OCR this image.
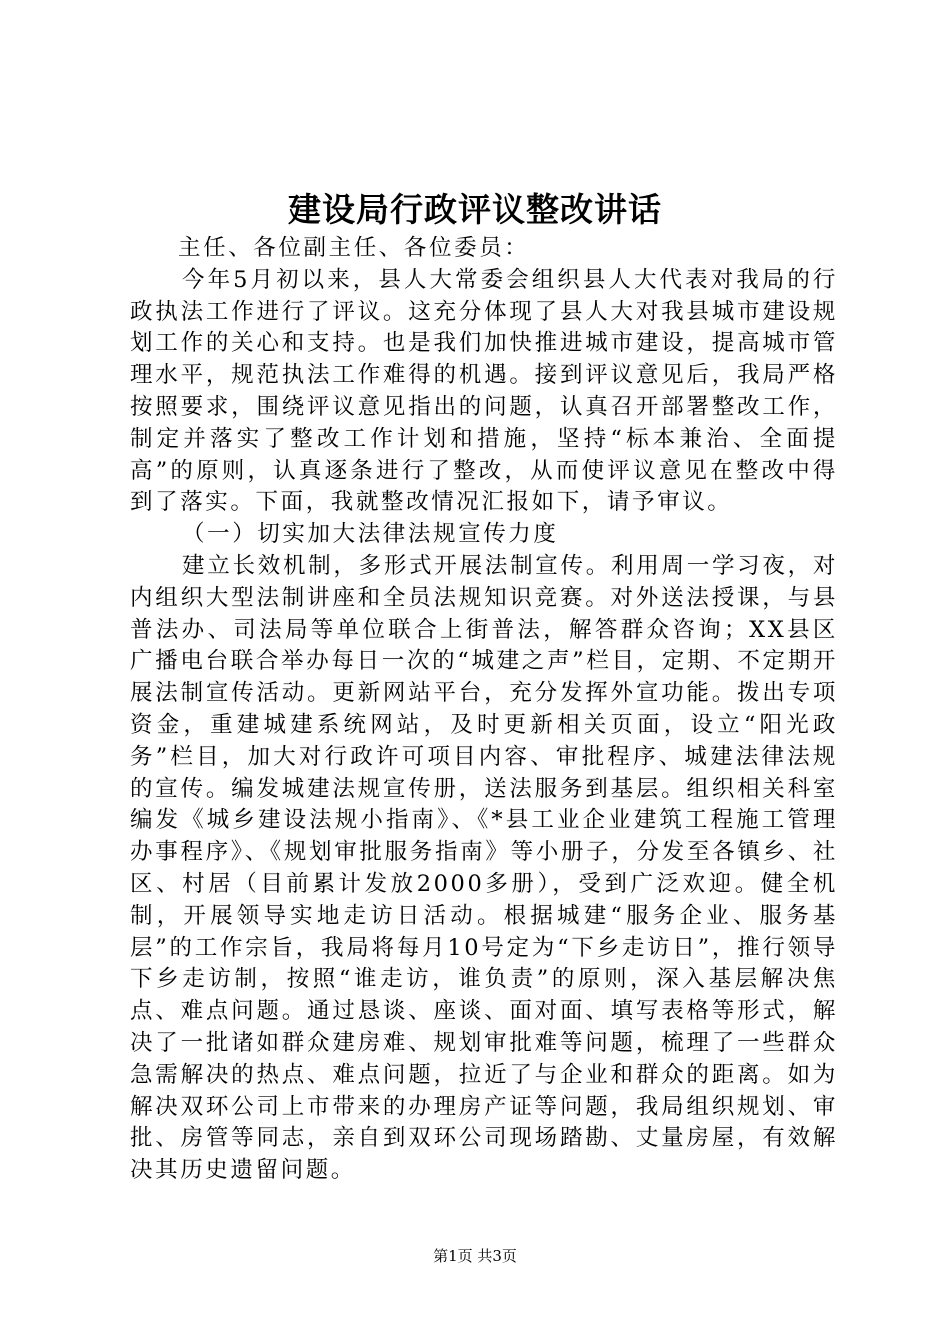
建设局行政评议整改讲话

主任、各位副主任、各位委员：

今年5月初以来，县人大常委会组织县人大代表对我局的行政执法工作进行了评议。这充分体现了县人大对我县城市建设规划工作的关心和支持。也是我们加快推进城市建设，提高城市管理水平，规范执法工作难得的机遇。接到评议意见后，我局严格按照要求，围绕评议意见指出的问题，认真召开部署整改工作，制定并落实了整改工作计划和措施，坚持“标本兼治、全面提高”的原则，认真逐条进行了整改，从而使评议意见在整改中得到了落实。下面，我就整改情况汇报如下，请予审议。

（一）切实加大法律法规宣传力度

建立长效机制，多形式开展法制宣传。利用周一学习夜，对内组织大型法制讲座和全员法规知识竞赛。对外送法授课，与县普法办、司法局等单位联合上街普法，解答群众咨询；XX县区广播电台联合举办每日一次的“城建之声”栏目，定期、不定期开展法制宣传活动。更新网站平台，充分发挥外宣功能。拨出专项资金，重建城建系统网站，及时更新相关页面，设立“阳光政务”栏目，加大对行政许可项目内容、审批程序、城建法律法规的宣传。编发城建法规宣传册，送法服务到基层。组织相关科室编发《城乡建设法规小指南》、《*县工业企业建筑工程施工管理办事程序》、《规划审批服务指南》等小册子，分发至各镇乡、社区、村居（目前累计发放2000多册），受到广泛欢迎。健全机制，开展领导实地走访日活动。根据城建“服务企业、服务基层”的工作宗旨，我局将每月10号定为“下乡走访日”，推行领导下乡走访制，按照“谁走访，谁负责”的原则，深入基层解决焦点、难点问题。通过恳谈、座谈、面对面、填写表格等形式，解决了一批诸如群众建房难、规划审批难等问题，梳理了一些群众急需解决的热点、难点问题，拉近了与企业和群众的距离。如为解决双环公司上市带来的办理房产证等问题，我局组织规划、审批、房管等同志，亲自到双环公司现场踏勘、丈量房屋，有效解决其历史遗留问题。

第1页 共3页
